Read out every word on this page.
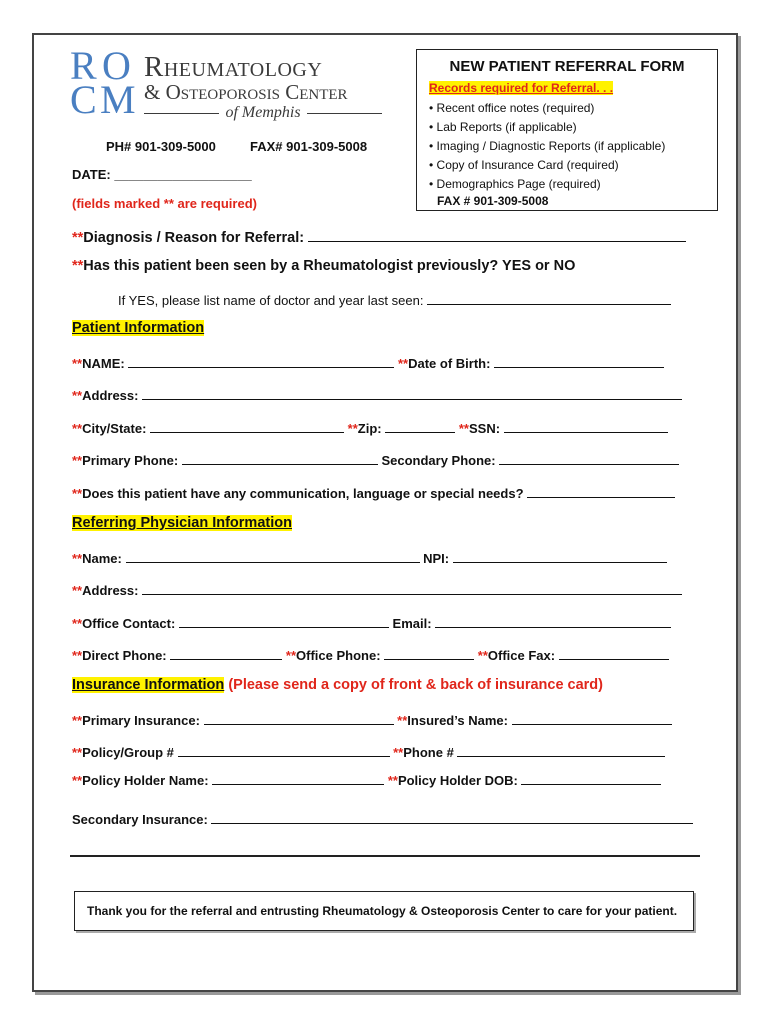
R O
C M
Rheumatology
& Osteoporosis Center
of Memphis
PH# 901-309-5000	FAX# 901-309-5008
DATE: ___________________
(fields marked ** are required)
NEW PATIENT REFERRAL FORM
Records required for Referral. . .
• Recent office notes (required)
• Lab Reports (if applicable)
• Imaging / Diagnostic Reports (if applicable)
• Copy of Insurance Card (required)
• Demographics Page (required)
FAX # 901-309-5008
**Diagnosis / Reason for Referral:
**Has this patient been seen by a Rheumatologist previously? YES or NO
If YES, please list name of doctor and year last seen:
Patient Information
**NAME:	**Date of Birth:
**Address:
**City/State:	**Zip:	**SSN:
**Primary Phone:	Secondary Phone:
**Does this patient have any communication, language or special needs?
Referring Physician Information
**Name:	NPI:
**Address:
**Office Contact:	Email:
**Direct Phone:	**Office Phone:	**Office Fax:
Insurance Information (Please send a copy of front & back of insurance card)
**Primary Insurance:	**Insured’s Name:
**Policy/Group #	**Phone #
**Policy Holder Name:	**Policy Holder DOB:
Secondary Insurance:
Thank you for the referral and entrusting Rheumatology & Osteoporosis Center to care for your patient.
